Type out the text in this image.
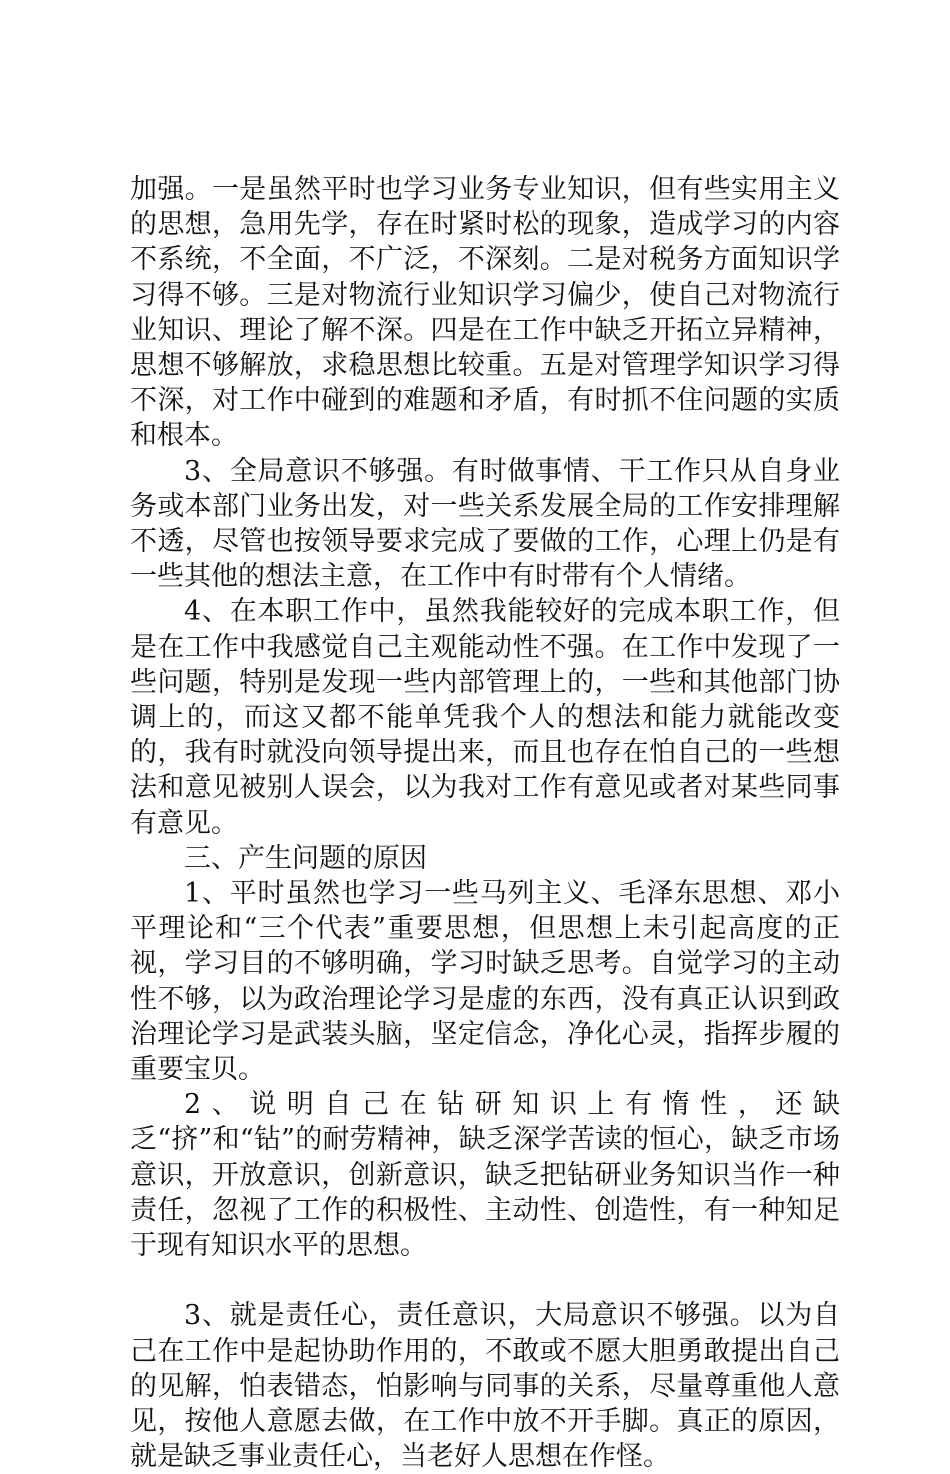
加强。一是虽然平时也学习业务专业知识，但有些实用主义的思想，急用先学，存在时紧时松的现象，造成学习的内容不系统，不全面，不广泛，不深刻。二是对税务方面知识学习得不够。三是对物流行业知识学习偏少，使自己对物流行业知识、理论了解不深。四是在工作中缺乏开拓立异精神，思想不够解放，求稳思想比较重。五是对管理学知识学习得不深，对工作中碰到的难题和矛盾，有时抓不住问题的实质和根本。

3、全局意识不够强。有时做事情、干工作只从自身业务或本部门业务出发，对一些关系发展全局的工作安排理解不透，尽管也按领导要求完成了要做的工作，心理上仍是有一些其他的想法主意，在工作中有时带有个人情绪。

4、在本职工作中，虽然我能较好的完成本职工作，但是在工作中我感觉自己主观能动性不强。在工作中发现了一些问题，特别是发现一些内部管理上的，一些和其他部门协调上的，而这又都不能单凭我个人的想法和能力就能改变的，我有时就没向领导提出来，而且也存在怕自己的一些想法和意见被别人误会，以为我对工作有意见或者对某些同事有意见。

三、产生问题的原因

1、平时虽然也学习一些马列主义、毛泽东思想、邓小平理论和“三个代表”重要思想，但思想上未引起高度的正视，学习目的不够明确，学习时缺乏思考。自觉学习的主动性不够，以为政治理论学习是虚的东西，没有真正认识到政治理论学习是武装头脑，坚定信念，净化心灵，指挥步履的重要宝贝。

2、说明自己在钻研知识上有惰性，还缺乏“挤”和“钻”的耐劳精神，缺乏深学苦读的恒心，缺乏市场意识，开放意识，创新意识，缺乏把钻研业务知识当作一种责任，忽视了工作的积极性、主动性、创造性，有一种知足于现有知识水平的思想。

3、就是责任心，责任意识，大局意识不够强。以为自己在工作中是起协助作用的，不敢或不愿大胆勇敢提出自己的见解，怕表错态，怕影响与同事的关系，尽量尊重他人意见，按他人意愿去做，在工作中放不开手脚。真正的原因，就是缺乏事业责任心，当老好人思想在作怪。
